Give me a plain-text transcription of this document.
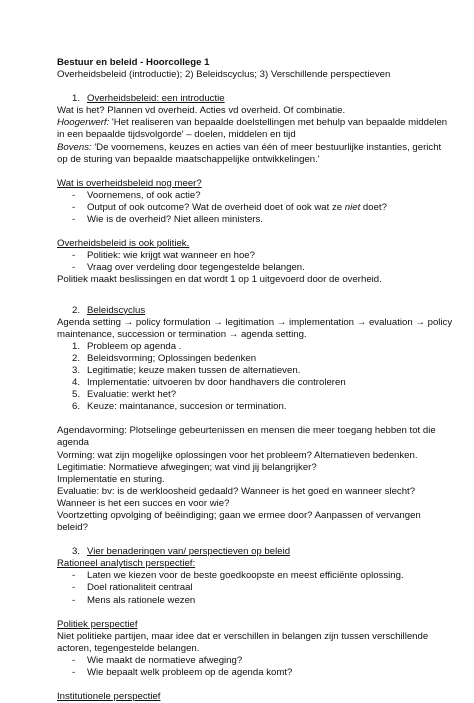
Bestuur en beleid - Hoorcollege 1

Overheidsbeleid (introductie); 2) Beleidscyclus; 3) Verschillende perspectieven

1. Overheidsbeleid: een introductie

Wat is het? Plannen vd overheid. Acties vd overheid. Of combinatie.

Hoogerwerf: 'Het realiseren van bepaalde doelstellingen met behulp van bepaalde middelen in een bepaalde tijdsvolgorde' – doelen, middelen en tijd

Bovens: 'De voornemens, keuzes en acties van één of meer bestuurlijke instanties, gericht op de sturing van bepaalde maatschappelijke ontwikkelingen.'

Wat is overheidsbeleid nog meer?

- Voornemens, of ook actie?

- Output of ook outcome? Wat de overheid doet of ook wat ze niet doet?

- Wie is de overheid? Niet alleen ministers.

Overheidsbeleid is ook politiek.

- Politiek: wie krijgt wat wanneer en hoe?

- Vraag over verdeling door tegengestelde belangen.

Politiek maakt beslissingen en dat wordt 1 op 1 uitgevoerd door de overheid.

2. Beleidscyclus

Agenda setting → policy formulation → legitimation → implementation → evaluation → policy maintenance, succession or termination → agenda setting.

1. Probleem op agenda .

2. Beleidsvorming; Oplossingen bedenken

3. Legitimatie; keuze maken tussen de alternatieven.

4. Implementatie: uitvoeren bv door handhavers die controleren

5. Evaluatie: werkt het?

6. Keuze: maintanance, succesion or termination.

Agendavorming: Plotselinge gebeurtenissen en mensen die meer toegang hebben tot die agenda

Vorming: wat zijn mogelijke oplossingen voor het probleem? Alternatieven bedenken.

Legitimatie: Normatieve afwegingen; wat vind jij belangrijker?

Implementatie en sturing.

Evaluatie: bv: is de werkloosheid gedaald? Wanneer is het goed en wanneer slecht? Wanneer is het een succes en voor wie?

Voortzetting opvolging of beëindiging; gaan we ermee door? Aanpassen of vervangen beleid?

3. Vier benaderingen van/ perspectieven op beleid

Rationeel analytisch perspectief:

- Laten we kiezen voor de beste goedkoopste en meest efficiënte oplossing.

- Doel rationaliteit centraal

- Mens als rationele wezen

Politiek perspectief

Niet politieke partijen, maar idee dat er verschillen in belangen zijn tussen verschillende actoren, tegengestelde belangen.

- Wie maakt de normatieve afweging?

- Wie bepaalt welk probleem op de agenda komt?

Institutionele perspectief
